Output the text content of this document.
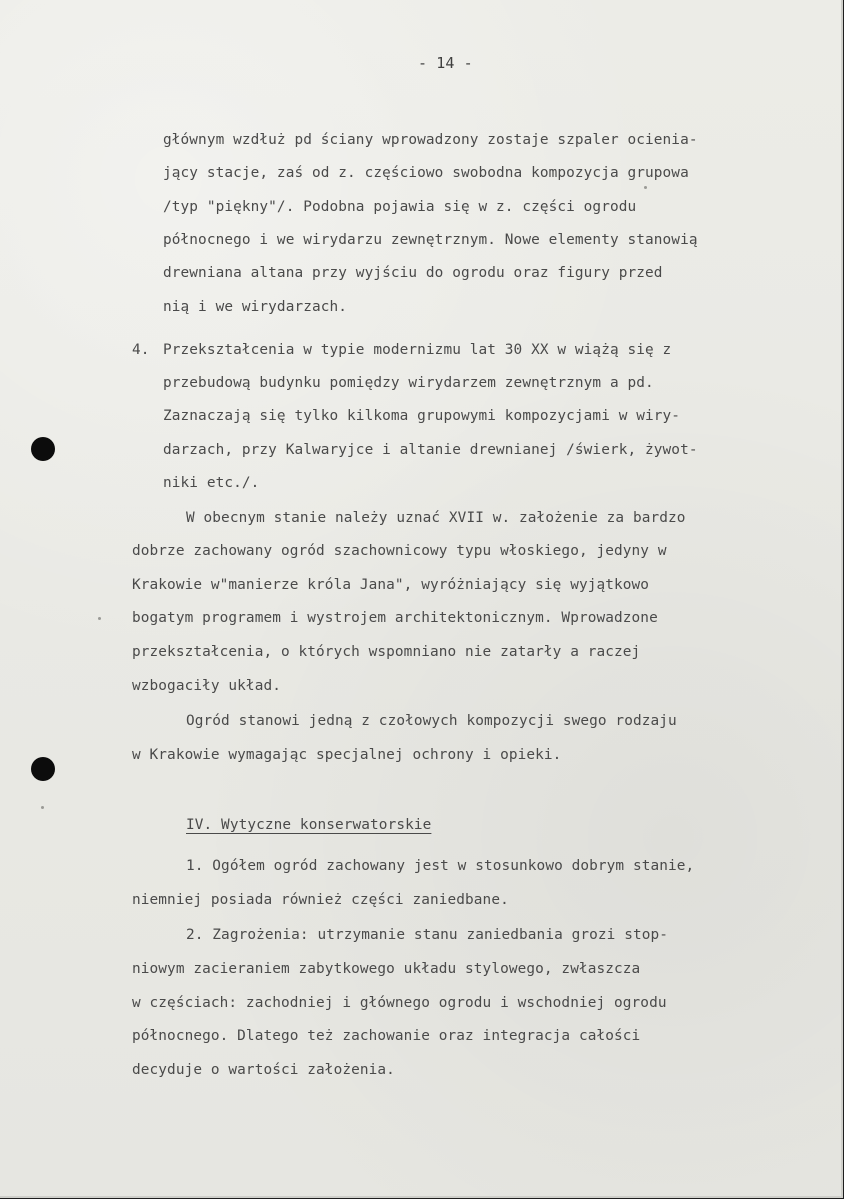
- 14 -
głównym wzdłuż pd ściany wprowadzony zostaje szpaler ocienia-
jący stacje, zaś od z. częściowo swobodna kompozycja grupowa
/typ "piękny"/. Podobna pojawia się w z. części ogrodu
północnego i we wirydarzu zewnętrznym. Nowe elementy stanowią
drewniana altana przy wyjściu do ogrodu oraz figury przed
nią i we wirydarzach.
4. Przekształcenia w typie modernizmu lat 30 XX w wiążą się z
przebudową budynku pomiędzy wirydarzem zewnętrznym a pd.
Zaznaczają się tylko kilkoma grupowymi kompozycjami w wiry-
darzach, przy Kalwaryjce i altanie drewnianej /świerk, żywot-
niki etc./.
W obecnym stanie należy uznać XVII w. założenie za bardzo
dobrze zachowany ogród szachownicowy typu włoskiego, jedyny w
Krakowie w"manierze króla Jana", wyróżniający się wyjątkowo
bogatym programem i wystrojem architektonicznym. Wprowadzone
przekształcenia, o których wspomniano nie zatarły a raczej
wzbogaciły układ.
Ogród stanowi jedną z czołowych kompozycji swego rodzaju
w Krakowie wymagając specjalnej ochrony i opieki.
IV. Wytyczne konserwatorskie
1. Ogółem ogród zachowany jest w stosunkowo dobrym stanie,
niemniej posiada również części zaniedbane.
2. Zagrożenia: utrzymanie stanu zaniedbania grozi stop-
niowym zacieraniem zabytkowego układu stylowego, zwłaszcza
w częściach: zachodniej i głównego ogrodu i wschodniej ogrodu
północnego. Dlatego też zachowanie oraz integracja całości
decyduje o wartości założenia.
